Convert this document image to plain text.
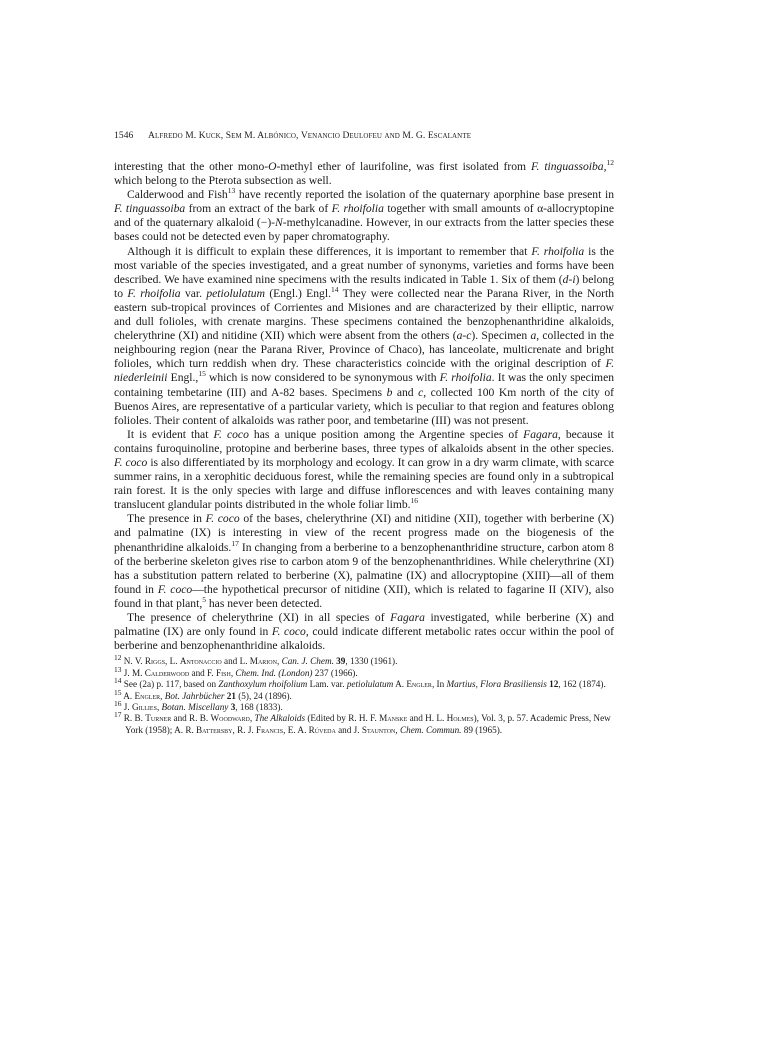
1546	Alfredo M. Kuck, Sem M. Albónico, Venancio Deulofeu and M. G. Escalante

interesting that the other mono-O-methyl ether of laurifoline, was first isolated from F. tinguassoiba,$^{12}$ which belong to the Pterota subsection as well.

Calderwood and Fish$^{13}$ have recently reported the isolation of the quaternary aporphine base present in F. tinguassoiba from an extract of the bark of F. rhoifolia together with small amounts of α-allocryptopine and of the quaternary alkaloid (−)-N-methylcanadine. However, in our extracts from the latter species these bases could not be detected even by paper chromatography.

Although it is difficult to explain these differences, it is important to remember that F. rhoifolia is the most variable of the species investigated, and a great number of synonyms, varieties and forms have been described. We have examined nine specimens with the results indicated in Table 1. Six of them (d-i) belong to F. rhoifolia var. petiolulatum (Engl.) Engl.$^{14}$ They were collected near the Parana River, in the North eastern sub-tropical provinces of Corrientes and Misiones and are characterized by their elliptic, narrow and dull folioles, with crenate margins. These specimens contained the benzophenanthridine alkaloids, chelerythrine (XI) and nitidine (XII) which were absent from the others (a-c). Specimen a, collected in the neighbouring region (near the Parana River, Province of Chaco), has lanceolate, multicrenate and bright folioles, which turn reddish when dry. These characteristics coincide with the original description of F. niederleinii Engl.,$^{15}$ which is now considered to be synonymous with F. rhoifolia. It was the only specimen containing tembetarine (III) and A-82 bases. Specimens b and c, collected 100 Km north of the city of Buenos Aires, are representative of a particular variety, which is peculiar to that region and features oblong folioles. Their content of alkaloids was rather poor, and tembetarine (III) was not present.

It is evident that F. coco has a unique position among the Argentine species of Fagara, because it contains furoquinoline, protopine and berberine bases, three types of alkaloids absent in the other species. F. coco is also differentiated by its morphology and ecology. It can grow in a dry warm climate, with scarce summer rains, in a xerophitic deciduous forest, while the remaining species are found only in a subtropical rain forest. It is the only species with large and diffuse inflorescences and with leaves containing many translucent glandular points distributed in the whole foliar limb.$^{16}$

The presence in F. coco of the bases, chelerythrine (XI) and nitidine (XII), together with berberine (X) and palmatine (IX) is interesting in view of the recent progress made on the biogenesis of the phenanthridine alkaloids.$^{17}$ In changing from a berberine to a benzophenanthridine structure, carbon atom 8 of the berberine skeleton gives rise to carbon atom 9 of the benzophenanthridines. While chelerythrine (XI) has a substitution pattern related to berberine (X), palmatine (IX) and allocryptopine (XIII)—all of them found in F. coco—the hypothetical precursor of nitidine (XII), which is related to fagarine II (XIV), also found in that plant,$^5$ has never been detected.

The presence of chelerythrine (XI) in all species of Fagara investigated, while berberine (X) and palmatine (IX) are only found in F. coco, could indicate different metabolic rates occur within the pool of berberine and benzophenanthridine alkaloids.

$^{12}$ N. V. Riggs, L. Antonaccio and L. Marion, Can. J. Chem. 39, 1330 (1961).
$^{13}$ J. M. Calderwood and F. Fish, Chem. Ind. (London) 237 (1966).
$^{14}$ See (2a) p. 117, based on Zanthoxylum rhoifolium Lam. var. petiolulatum A. Engler, In Martius, Flora Brasiliensis 12, 162 (1874).
$^{15}$ A. Engler, Bot. Jahrbücher 21 (5), 24 (1896).
$^{16}$ J. Gillies, Botan. Miscellany 3, 168 (1833).
$^{17}$ R. B. Turner and R. B. Woodward, The Alkaloids (Edited by R. H. F. Manske and H. L. Holmes), Vol. 3, p. 57. Academic Press, New York (1958); A. R. Battersby, R. J. Francis, E. A. Rúveda and J. Staunton, Chem. Commun. 89 (1965).
